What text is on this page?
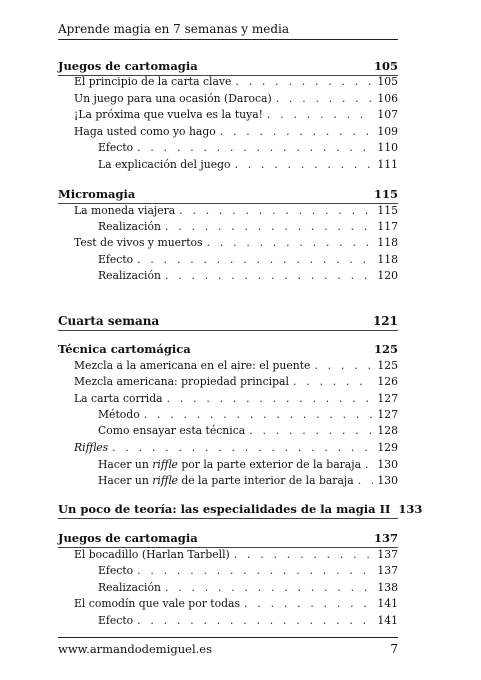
Aprende magia en 7 semanas y media
Juegos de cartomagia	105
El principio de la carta clave . . .	105
Un juego para una ocasión (Daroca) . . .	106
¡La próxima que vuelva es la tuya! . . .	107
Haga usted como yo hago . . .	109
Efecto . . .	110
La explicación del juego . . .	111
Micromagia	115
La moneda viajera . . .	115
Realización . . .	117
Test de vivos y muertos . . .	118
Efecto . . .	118
Realización . . .	120
Cuarta semana	121
Técnica cartomágica	125
Mezcla a la americana en el aire: el puente . . .	125
Mezcla americana: propiedad principal . . .	126
La carta corrida . . .	127
Método . . .	127
Como ensayar esta técnica . . .	128
Riffles . . .	129
Hacer un riffle por la parte exterior de la baraja . . .	130
Hacer un riffle de la parte interior de la baraja . . .	130
Un poco de teoría: las especialidades de la magia II 133
Juegos de cartomagia	137
El bocadillo (Harlan Tarbell) . . .	137
Efecto . . .	137
Realización . . .	138
El comodín que vale por todas . . .	141
Efecto . . .	141
www.armandodemiguel.es	7
